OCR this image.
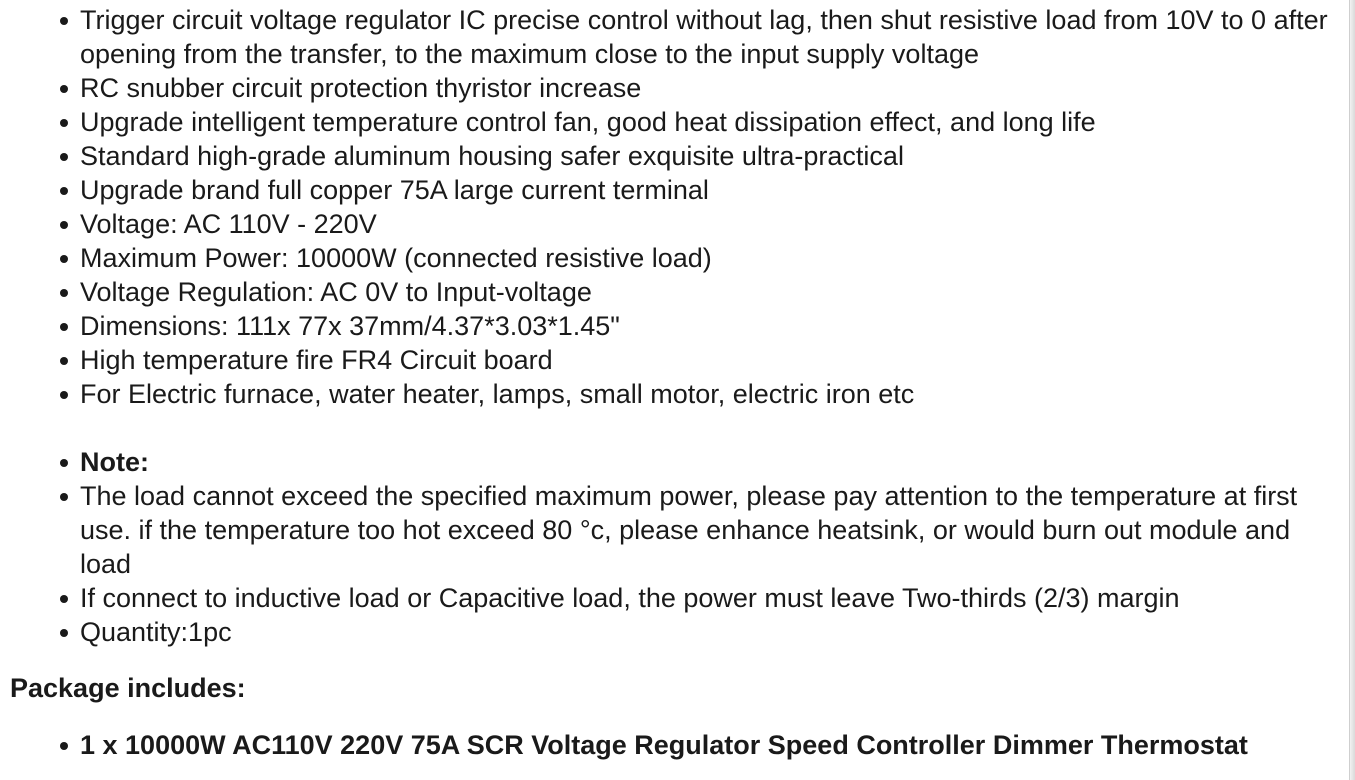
Trigger circuit voltage regulator IC precise control without lag, then shut resistive load from 10V to 0 after opening from the transfer, to the maximum close to the input supply voltage
RC snubber circuit protection thyristor increase
Upgrade intelligent temperature control fan, good heat dissipation effect, and long life
Standard high-grade aluminum housing safer exquisite ultra-practical
Upgrade brand full copper 75A large current terminal
Voltage: AC 110V - 220V
Maximum Power: 10000W (connected resistive load)
Voltage Regulation: AC 0V to Input-voltage
Dimensions: 111x 77x 37mm/4.37*3.03*1.45"
High temperature fire FR4 Circuit board
For Electric furnace, water heater, lamps, small motor, electric iron etc
Note:
The load cannot exceed the specified maximum power, please pay attention to the temperature at first use. if the temperature too hot exceed 80 °c, please enhance heatsink, or would burn out module and load
If connect to inductive load or Capacitive load, the power must leave Two-thirds (2/3) margin
Quantity:1pc
Package includes:
1 x 10000W AC110V 220V 75A SCR Voltage Regulator Speed Controller Dimmer Thermostat
